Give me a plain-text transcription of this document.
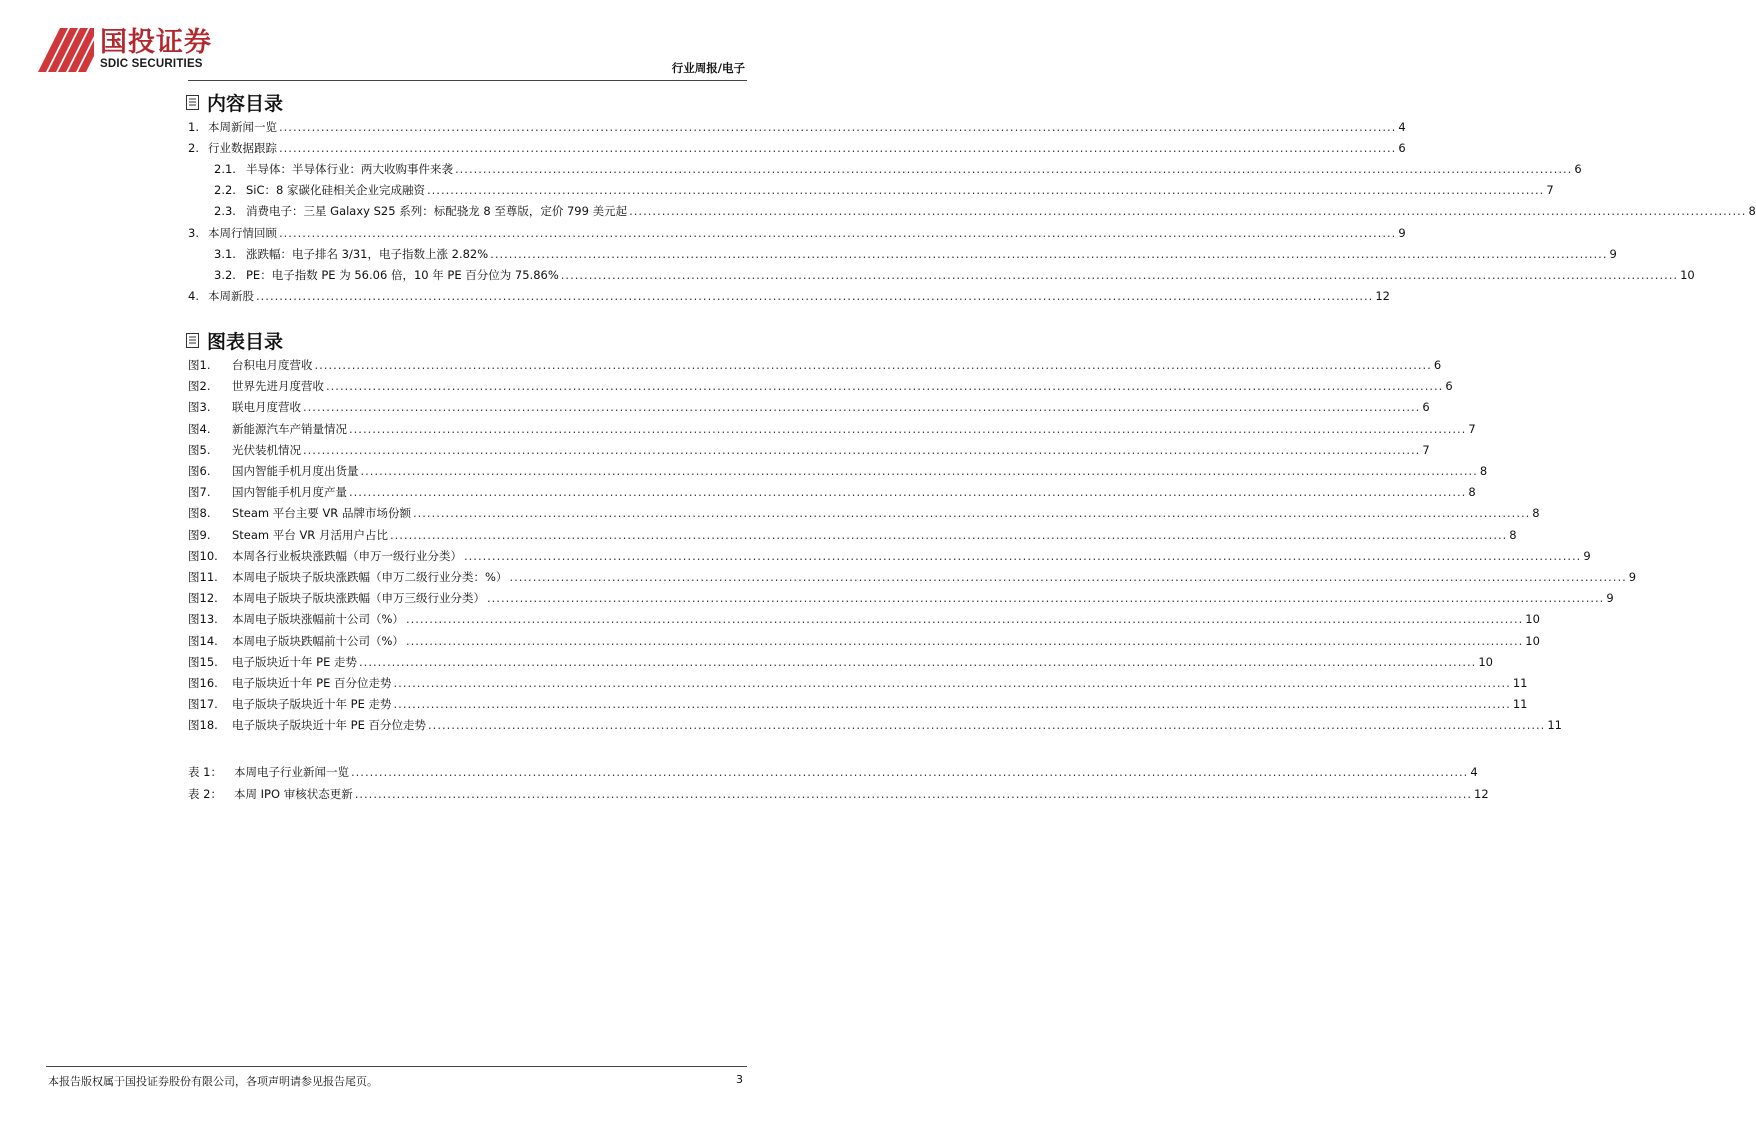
国投证券
SDIC SECURITIES	行业周报/电子
内容目录
1. 本周新闻一览 .....	4
2. 行业数据跟踪 .....	6
2.1. 半导体：半导体行业：两大收购事件来袭 .....	6
2.2. SiC：8 家碳化硅相关企业完成融资 .....	7
2.3. 消费电子：三星 Galaxy S25 系列：标配骁龙 8 至尊版，定价 799 美元起 .....	8
3. 本周行情回顾 .....	9
3.1. 涨跌幅：电子排名 3/31，电子指数上涨 2.82% .....	9
3.2. PE：电子指数 PE 为 56.06 倍，10 年 PE 百分位为 75.86% .....	10
4. 本周新股 .....	12
图表目录
图1.	台积电月度营收 .....	6
图2.	世界先进月度营收 .....	6
图3.	联电月度营收 .....	6
图4.	新能源汽车产销量情况 .....	7
图5.	光伏装机情况 .....	7
图6.	国内智能手机月度出货量 .....	8
图7.	国内智能手机月度产量 .....	8
图8.	Steam 平台主要 VR 品牌市场份额 .....	8
图9.	Steam 平台 VR 月活用户占比 .....	8
图10.	本周各行业板块涨跌幅（申万一级行业分类） .....	9
图11.	本周电子版块子版块涨跌幅（申万二级行业分类：%） .....	9
图12.	本周电子版块子版块涨跌幅（申万三级行业分类） .....	9
图13.	本周电子版块涨幅前十公司（%） .....	10
图14.	本周电子版块跌幅前十公司（%） .....	10
图15.	电子版块近十年 PE 走势 .....	10
图16.	电子版块近十年 PE 百分位走势 .....	11
图17.	电子版块子版块近十年 PE 走势 .....	11
图18.	电子版块子版块近十年 PE 百分位走势 .....	11
表 1：	本周电子行业新闻一览 .....	4
表 2：	本周 IPO 审核状态更新 .....	12
本报告版权属于国投证券股份有限公司，各项声明请参见报告尾页。	3
